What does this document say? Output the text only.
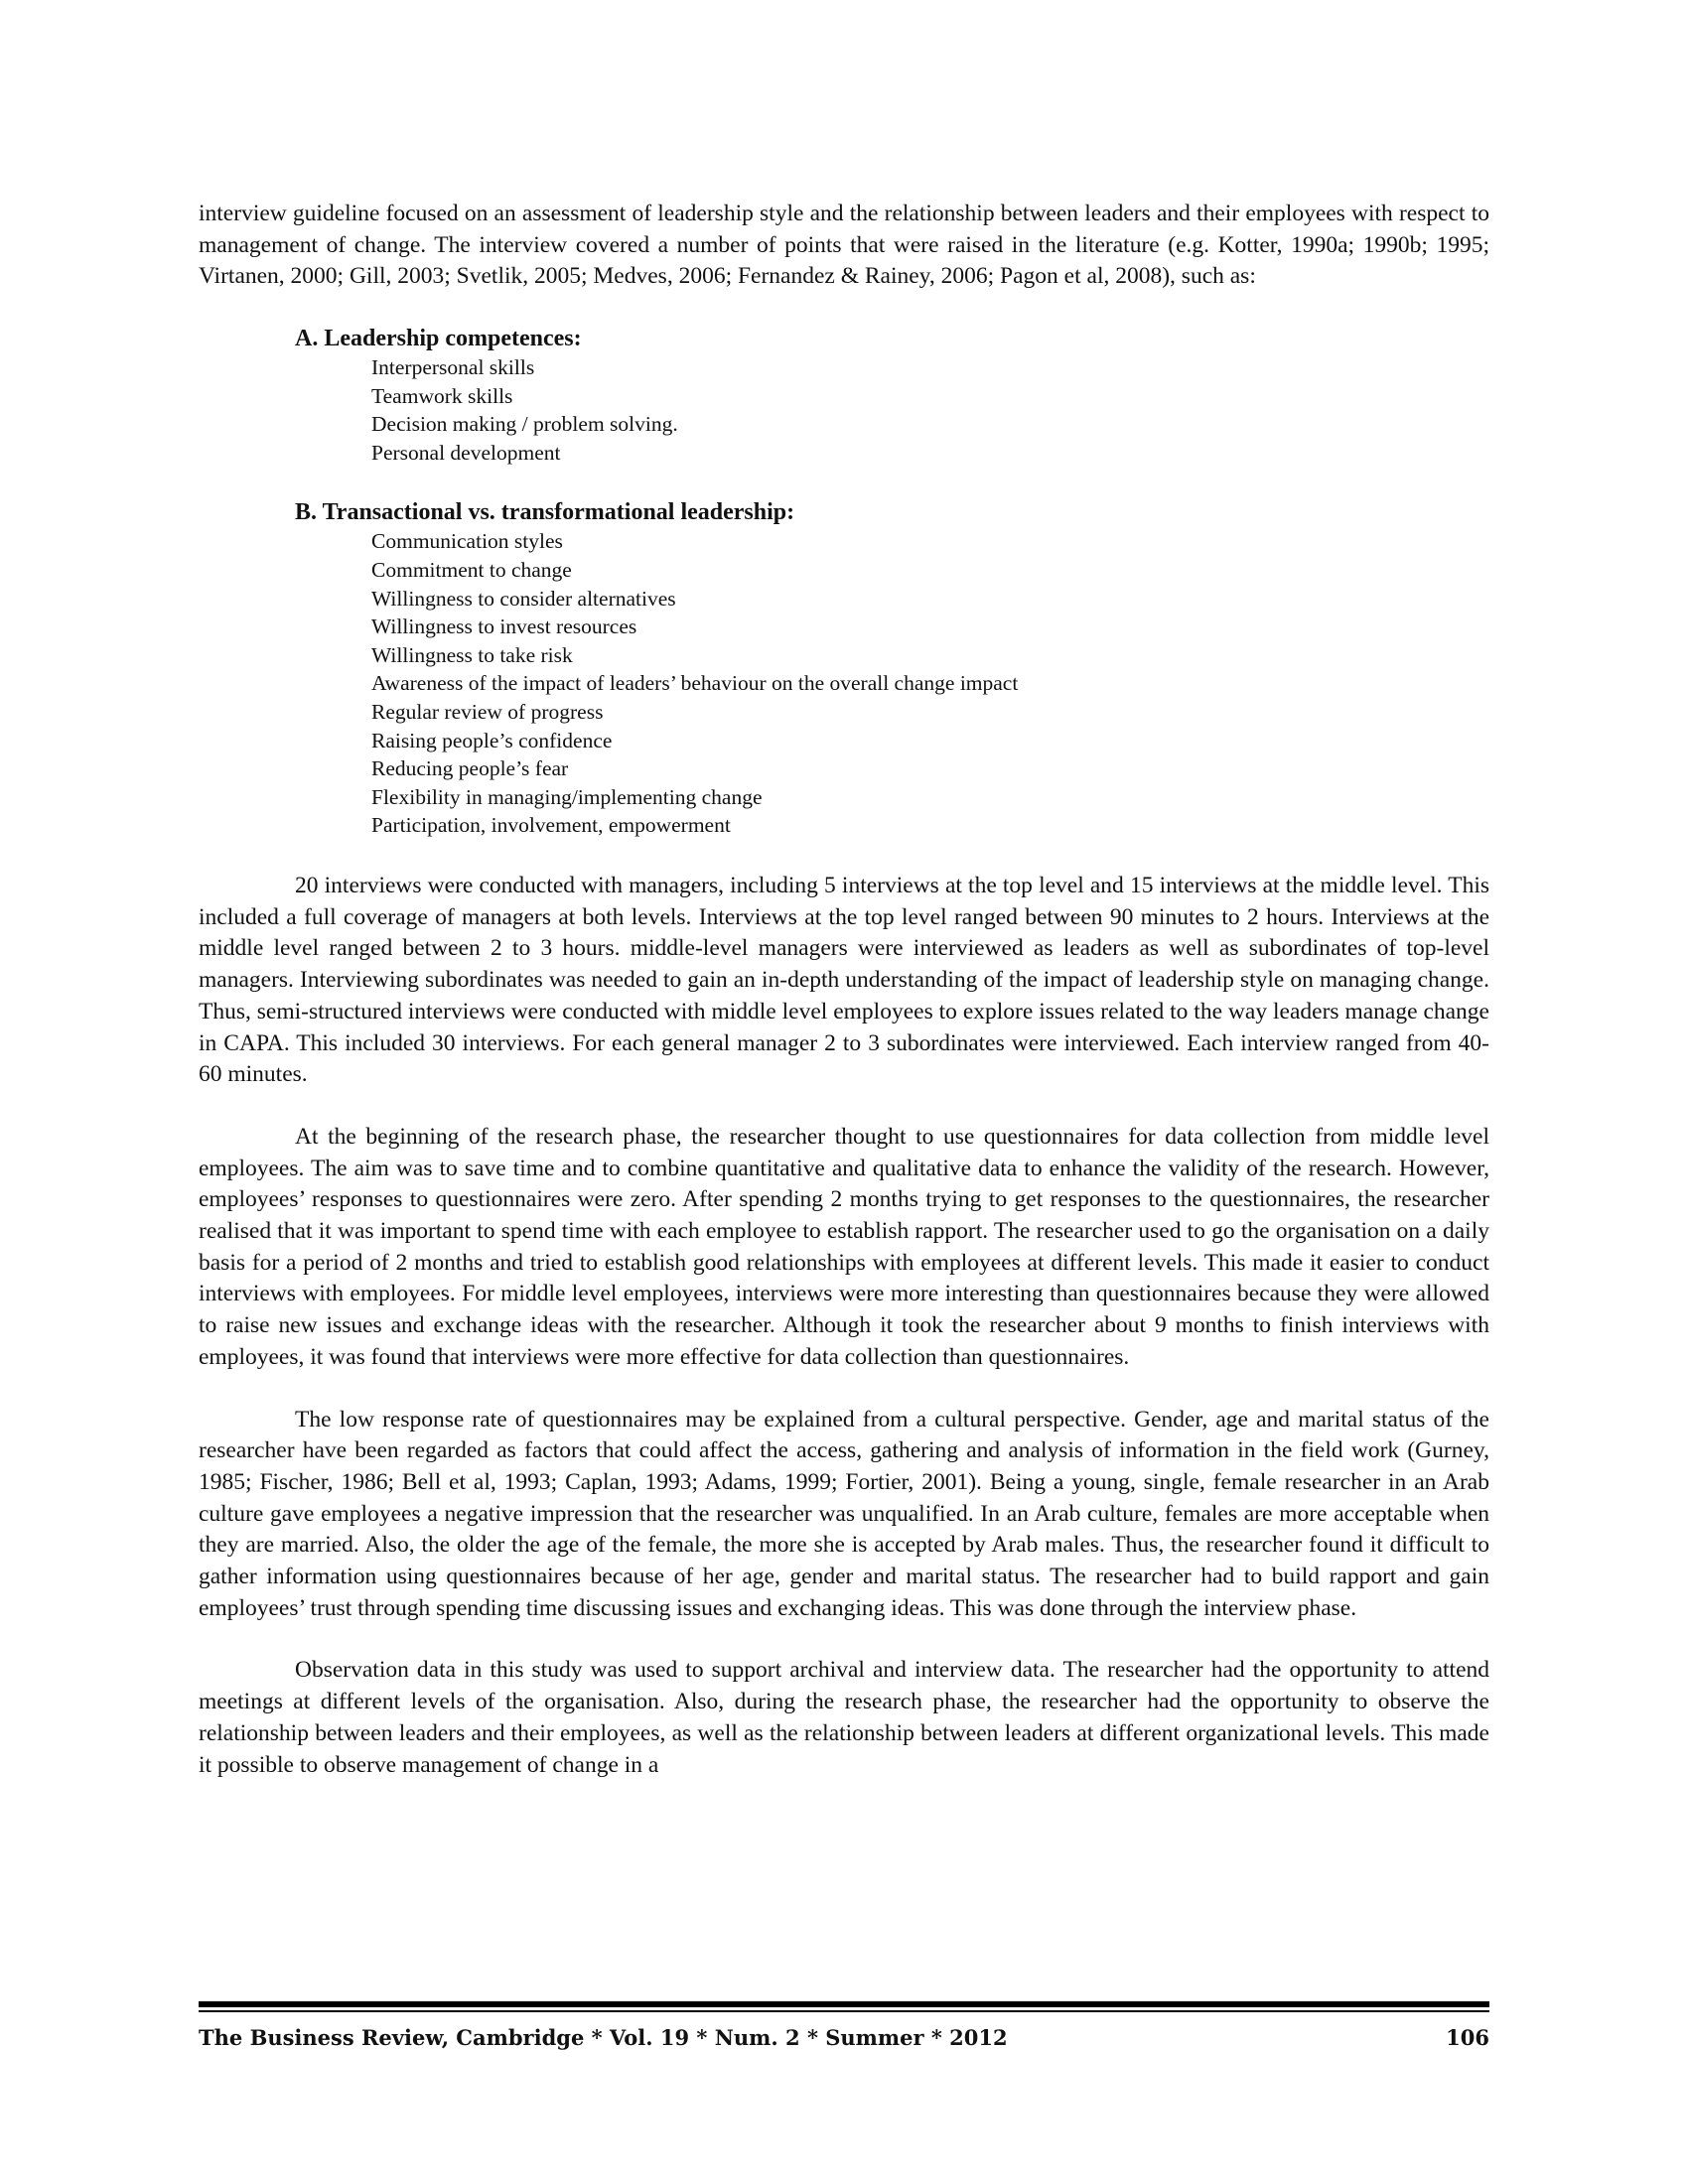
interview guideline focused on an assessment of leadership style and the relationship between leaders and their employees with respect to management of change. The interview covered a number of points that were raised in the literature (e.g. Kotter, 1990a; 1990b; 1995; Virtanen, 2000; Gill, 2003; Svetlik, 2005; Medves, 2006; Fernandez & Rainey, 2006; Pagon et al, 2008), such as:

A. Leadership competences:

Interpersonal skills
Teamwork skills
Decision making / problem solving.
Personal development

B. Transactional vs. transformational leadership:

Communication styles
Commitment to change
Willingness to consider alternatives
Willingness to invest resources
Willingness to take risk
Awareness of the impact of leaders’ behaviour on the overall change impact
Regular review of progress
Raising people’s confidence
Reducing people’s fear
Flexibility in managing/implementing change
Participation, involvement, empowerment

20 interviews were conducted with managers, including 5 interviews at the top level and 15 interviews at the middle level. This included a full coverage of managers at both levels. Interviews at the top level ranged between 90 minutes to 2 hours. Interviews at the middle level ranged between 2 to 3 hours. middle-level managers were interviewed as leaders as well as subordinates of top-level managers. Interviewing subordinates was needed to gain an in-depth understanding of the impact of leadership style on managing change. Thus, semi-structured interviews were conducted with middle level employees to explore issues related to the way leaders manage change in CAPA. This included 30 interviews. For each general manager 2 to 3 subordinates were interviewed. Each interview ranged from 40-60 minutes.

At the beginning of the research phase, the researcher thought to use questionnaires for data collection from middle level employees. The aim was to save time and to combine quantitative and qualitative data to enhance the validity of the research. However, employees’ responses to questionnaires were zero. After spending 2 months trying to get responses to the questionnaires, the researcher realised that it was important to spend time with each employee to establish rapport. The researcher used to go the organisation on a daily basis for a period of 2 months and tried to establish good relationships with employees at different levels. This made it easier to conduct interviews with employees. For middle level employees, interviews were more interesting than questionnaires because they were allowed to raise new issues and exchange ideas with the researcher. Although it took the researcher about 9 months to finish interviews with employees, it was found that interviews were more effective for data collection than questionnaires.

The low response rate of questionnaires may be explained from a cultural perspective. Gender, age and marital status of the researcher have been regarded as factors that could affect the access, gathering and analysis of information in the field work (Gurney, 1985; Fischer, 1986; Bell et al, 1993; Caplan, 1993; Adams, 1999; Fortier, 2001). Being a young, single, female researcher in an Arab culture gave employees a negative impression that the researcher was unqualified. In an Arab culture, females are more acceptable when they are married. Also, the older the age of the female, the more she is accepted by Arab males. Thus, the researcher found it difficult to gather information using questionnaires because of her age, gender and marital status. The researcher had to build rapport and gain employees’ trust through spending time discussing issues and exchanging ideas. This was done through the interview phase.

Observation data in this study was used to support archival and interview data. The researcher had the opportunity to attend meetings at different levels of the organisation. Also, during the research phase, the researcher had the opportunity to observe the relationship between leaders and their employees, as well as the relationship between leaders at different organizational levels. This made it possible to observe management of change in a

The Business Review, Cambridge * Vol. 19 * Num. 2 * Summer * 2012	106
